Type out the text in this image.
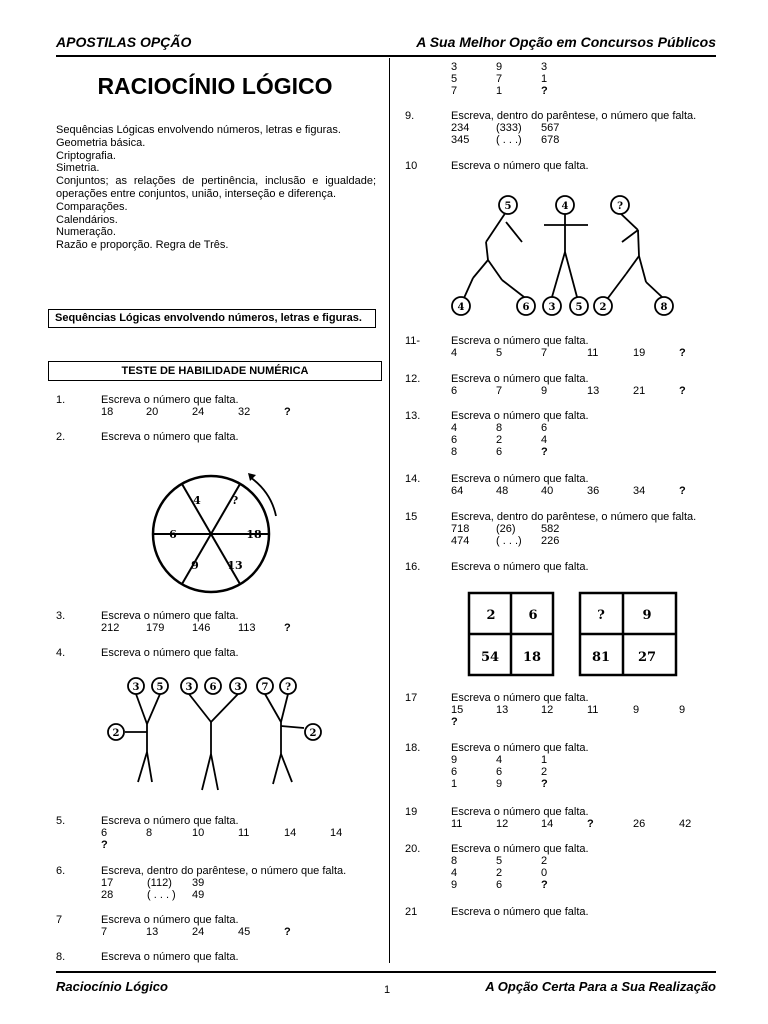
APOSTILAS OPÇÃO	A Sua Melhor Opção em Concursos Públicos
RACIOCÍNIO LÓGICO
Sequências Lógicas envolvendo números, letras e figuras.
Geometria básica.
Criptografia.
Simetria.
Conjuntos; as relações de pertinência, inclusão e igualdade; operações entre conjuntos, união, interseção e diferença.
Comparações.
Calendários.
Numeração.
Razão e proporção. Regra de Três.
Sequências Lógicas envolvendo números, letras e figuras.
TESTE DE HABILIDADE NUMÉRICA
1.	Escreva o número que falta.
18	20	24	32	?
2.	Escreva o número que falta.
4	?
18
13
9
6
3.	Escreva o número que falta.
212 179	146	113	?
4.	Escreva o número que falta.
3 5 3 6 3 7 ?
2	2
5.	Escreva o número que falta.
6	8	10	11	14	14
?
6.	Escreva, dentro do parêntese, o número que falta.
17	(112) 39
28	( . . . ) 49
7	Escreva o número que falta.
7	13	24	45	?
8.	Escreva o número que falta.
3	9	3
5	7	1
7	1	?
9.	Escreva, dentro do parêntese, o número que falta.
234 (333) 567
345 ( . . .) 678
10	Escreva o número que falta.
5	4	?
4	6 3 5 2	8
11-	Escreva o número que falta.
4	5	7	11	19	?
12.	Escreva o número que falta.
6	7	9	13	21	?
13.	Escreva o número que falta.
4	8	6
6	2	4
8	6	?
14.	Escreva o número que falta.
64	48	40	36	34	?
15	Escreva, dentro do parêntese, o número que falta.
718 (26) 582
474 ( . . .) 226
16.	Escreva o número que falta.
2	6
54 18
?	9
81 27
17	Escreva o número que falta.
15	13	12	11	9	9
?
18.	Escreva o número que falta.
9	4	1
6	6	2
1	9	?
19	Escreva o número que falta.
11	12	14	?	26	42
20.	Escreva o número que falta.
8	5	2
4	2	0
9	6	?
21	Escreva o número que falta.
Raciocínio Lógico	A Opção Certa Para a Sua Realização
1
